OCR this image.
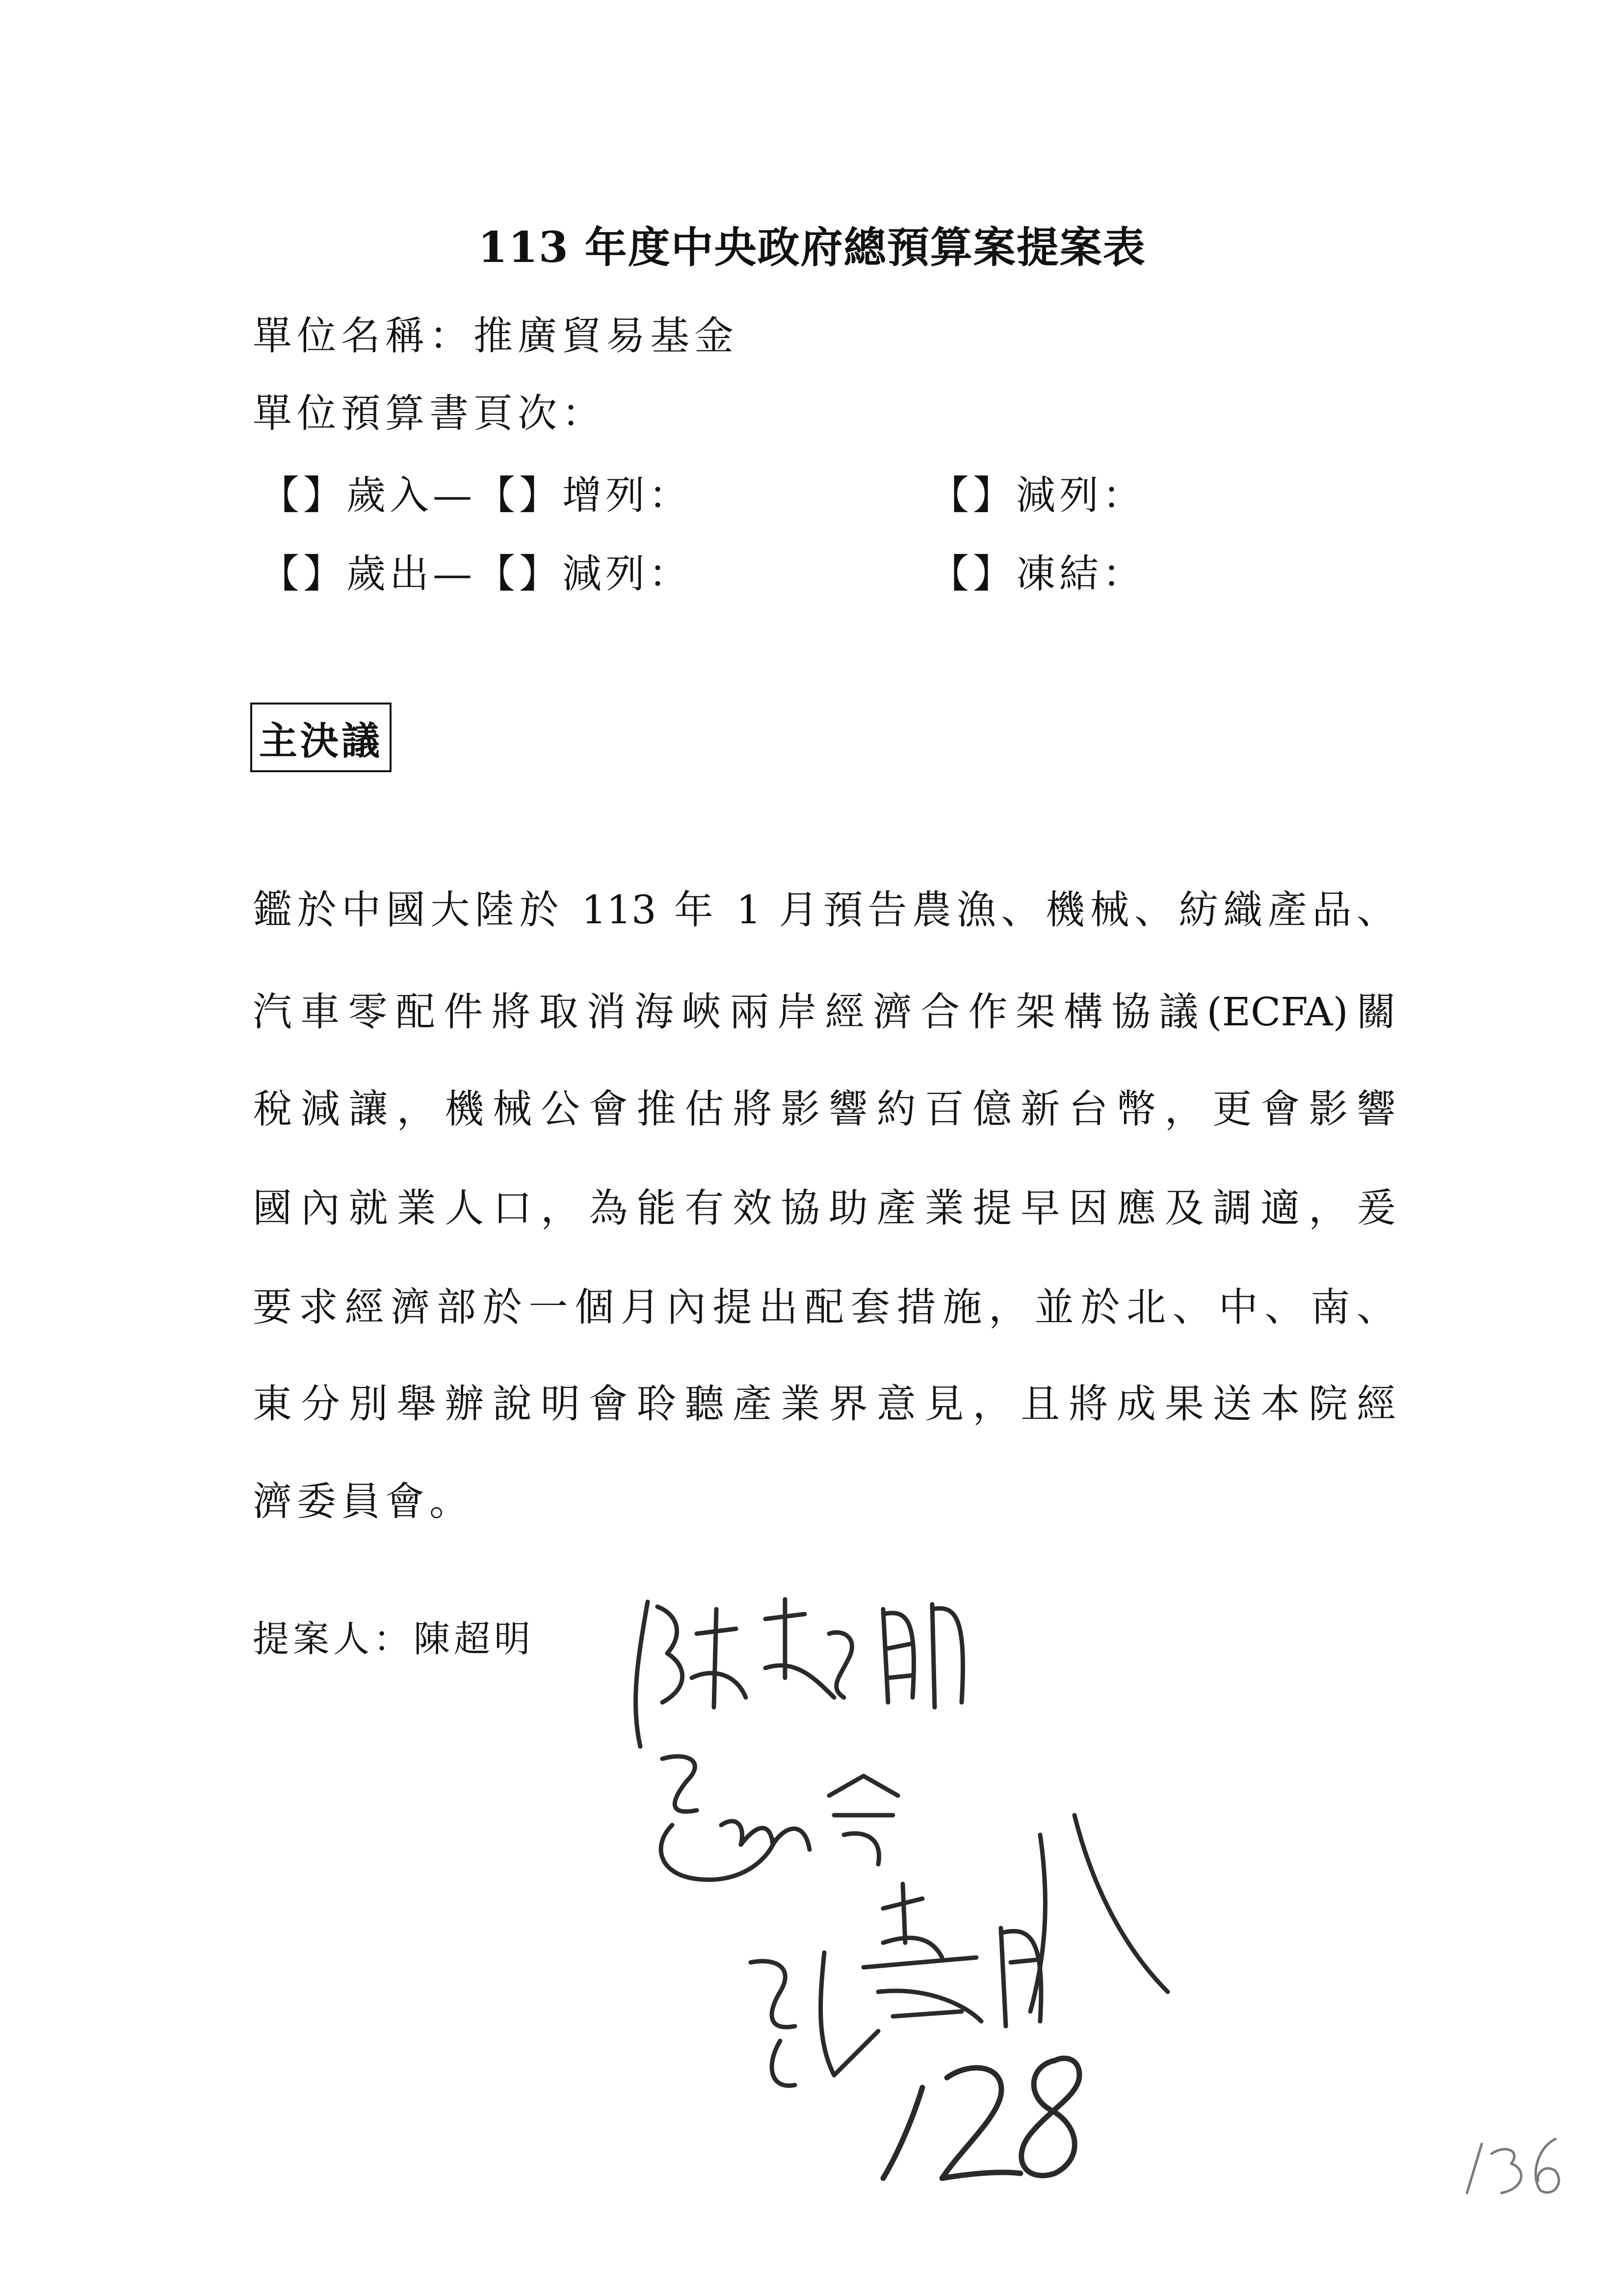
113 年度中央政府總預算案提案表
單位名稱：推廣貿易基金
單位預算書頁次：
【】歲入—【】增列：	【】減列：
【】歲出—【】減列：	【】凍結：
主決議
鑑於中國大陸於 113 年 1 月預告農漁、機械、紡織產品、
汽車零配件將取消海峽兩岸經濟合作架構協議(ECFA)關
稅減讓，機械公會推估將影響約百億新台幣，更會影響
國內就業人口，為能有效協助產業提早因應及調適，爰
要求經濟部於一個月內提出配套措施，並於北、中、南、
東分別舉辦說明會聆聽產業界意見，且將成果送本院經
濟委員會。
提案人：陳超明
